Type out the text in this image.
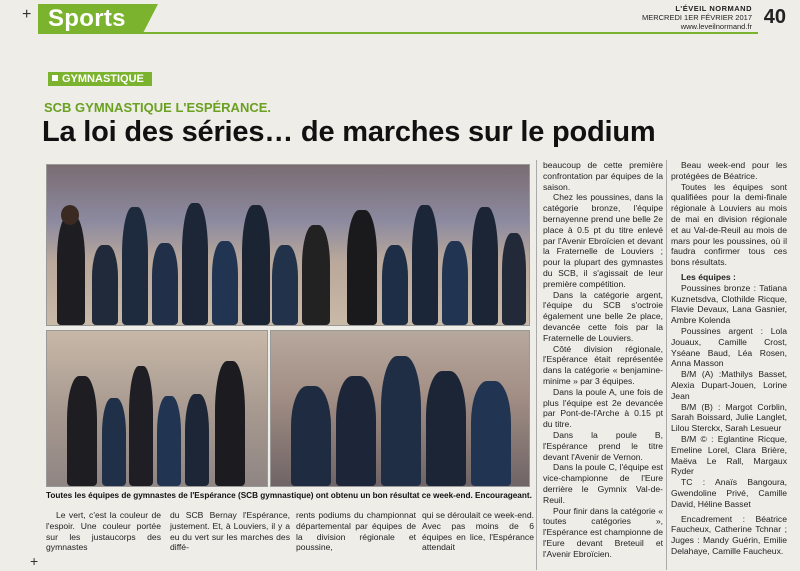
+ Sports	L'ÉVEIL NORMAND
MERCREDI 1ER FÉVRIER 2017
www.leveilnormand.fr 40
GYMNASTIQUE
SCB GYMNASTIQUE L'ESPÉRANCE.
La loi des séries… de marches sur le podium
Toutes les équipes de gymnastes de l'Espérance (SCB gymnastique) ont obtenu un bon résultat ce week-end. Encourageant.

Le vert, c'est la couleur de l'espoir. Une couleur portée sur les justaucorps des gymnastes

du SCB Bernay l'Espérance, justement. Et, à Louviers, il y a eu du vert sur les marches des diffé-

rents podiums du championnat départemental par équipes de la division régionale et poussine,

qui se déroulait ce week-end. Avec pas moins de 6 équipes en lice, l'Espérance attendait

beaucoup de cette première confrontation par équipes de la saison.

Chez les poussines, dans la catégorie bronze, l'équipe bernayenne prend une belle 2e place à 0.5 pt du titre enlevé par l'Avenir Ebroïcien et devant la Fraternelle de Louviers ; pour la plupart des gymnastes du SCB, il s'agissait de leur première compétition.

Dans la catégorie argent, l'équipe du SCB s'octroie également une belle 2e place, devancée cette fois par la Fraternelle de Louviers.

Côté division régionale, l'Espérance était représentée dans la catégorie « benjamine-minime » par 3 équipes.

Dans la poule A, une fois de plus l'équipe est 2e devancée par Pont-de-l'Arche à 0.15 pt du titre.

Dans la poule B, l'Espérance prend le titre devant l'Avenir de Vernon.

Dans la poule C, l'équipe est vice-championne de l'Eure derrière le Gymnix Val-de-Reuil.

Pour finir dans la catégorie « toutes catégories », l'Espérance est championne de l'Eure devant Breteuil et l'Avenir Ebroïcien.

Beau week-end pour les protégées de Béatrice.

Toutes les équipes sont qualifiées pour la demi-finale régionale à Louviers au mois de mai en division régionale et au Val-de-Reuil au mois de mars pour les poussines, où il faudra confirmer tous ces bons résultats.

Les équipes :

Poussines bronze : Tatiana Kuznetsdva, Clothilde Ricque, Flavie Devaux, Lana Gasnier, Ambre Kolenda

Poussines argent : Lola Jouaux, Camille Crost, Yséane Baud, Léa Rosen, Anna Masson

B/M (A) :Mathilys Basset, Alexia Dupart-Jouen, Lorine Jean

B/M (B) : Margot Corblin, Sarah Boissard, Julie Langlet, Lilou Sterckx, Sarah Lesueur

B/M © : Eglantine Ricque, Emeline Lorel, Clara Brière, Maëva Le Rall, Margaux Ryder

TC : Anaïs Bangoura, Gwendoline Privé, Camille David, Héline Basset

Encadrement : Béatrice Faucheux, Catherine Tchnar ; Juges : Mandy Guérin, Emilie Delahaye, Camille Faucheux.

+
